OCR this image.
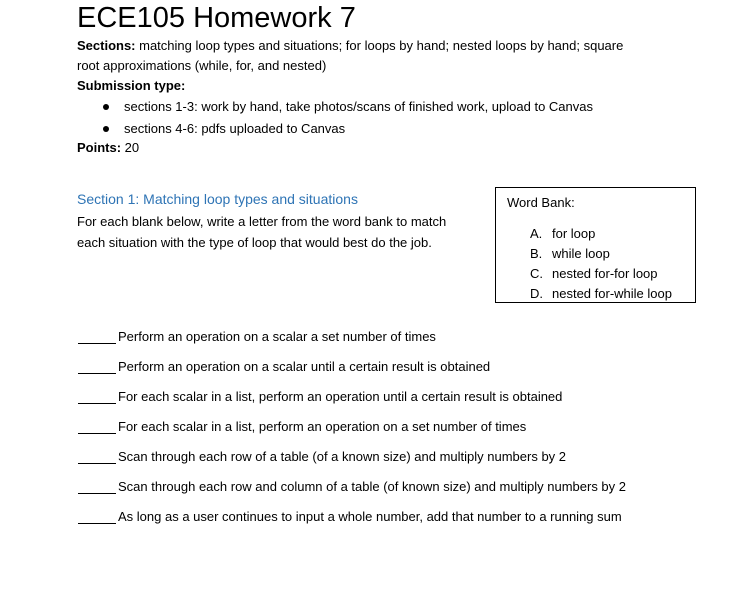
ECE105 Homework 7
Sections: matching loop types and situations; for loops by hand; nested loops by hand; square
root approximations (while, for, and nested)
Submission type:
sections 1-3: work by hand, take photos/scans of finished work, upload to Canvas
sections 4-6: pdfs uploaded to Canvas
Points: 20
Section 1: Matching loop types and situations
For each blank below, write a letter from the word bank to match
each situation with the type of loop that would best do the job.
Word Bank:
A. for loop
B. while loop
C. nested for-for loop
D. nested for-while loop
Perform an operation on a scalar a set number of times
Perform an operation on a scalar until a certain result is obtained
For each scalar in a list, perform an operation until a certain result is obtained
For each scalar in a list, perform an operation on a set number of times
Scan through each row of a table (of a known size) and multiply numbers by 2
Scan through each row and column of a table (of known size) and multiply numbers by 2
As long as a user continues to input a whole number, add that number to a running sum
